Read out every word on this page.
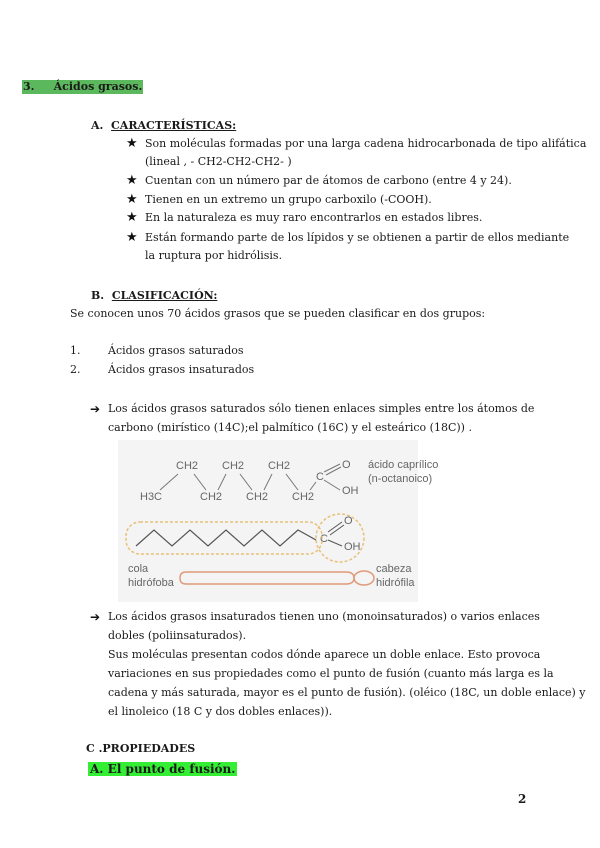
3. Ácidos grasos.
A. CARACTERÍSTICAS:
★ Son moléculas formadas por una larga cadena hidrocarbonada de tipo alifática
(lineal , - CH2-CH2-CH2- )
★ Cuentan con un número par de átomos de carbono (entre 4 y 24).
★ Tienen en un extremo un grupo carboxilo (-COOH).
★ En la naturaleza es muy raro encontrarlos en estados libres.
★ Están formando parte de los lípidos y se obtienen a partir de ellos mediante
la ruptura por hidrólisis.
B. CLASIFICACIÓN:
Se conocen unos 70 ácidos grasos que se pueden clasificar en dos grupos:
1.	Ácidos grasos saturados
2.	Ácidos grasos insaturados
➔ Los ácidos grasos saturados sólo tienen enlaces simples entre los átomos de
carbono (mirístico (14C);el palmítico (16C) y el esteárico (18C)) .
CH2 CH2 CH2
H3C	CH2 CH2 CH2
C
O
OH
ácido caprílico
(n-octanoico)
C
O
OH
cola
hidrófoba
cabeza
hidrófila
➔ Los ácidos grasos insaturados tienen uno (monoinsaturados) o varios enlaces
dobles (poliinsaturados).
Sus moléculas presentan codos dónde aparece un doble enlace. Esto provoca
variaciones en sus propiedades como el punto de fusión (cuanto más larga es la
cadena y más saturada, mayor es el punto de fusión). (oléico (18C, un doble enlace) y
el linoleico (18 C y dos dobles enlaces)).
C .PROPIEDADES
A. El punto de fusión.
2
